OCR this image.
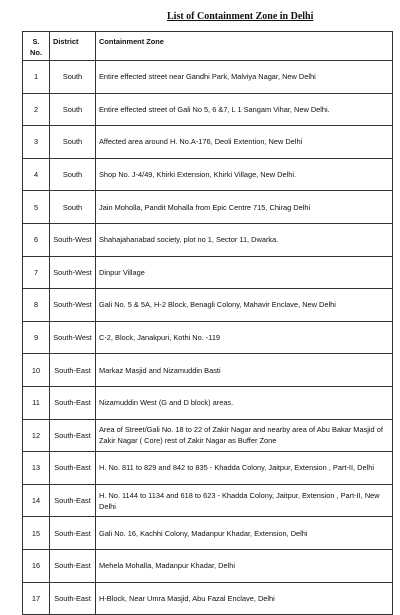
List of Containment Zone in Delhi
S. No.	District	Containment Zone
1	South	Entire effected street near Gandhi Park, Malviya Nagar, New Delhi
2	South	Entire effected street of Gali No 5, 6 &7, L 1 Sangam Vihar, New Delhi.
3	South	Affected area around H. No.A-176, Deoli Extention, New Delhi
4	South	Shop No. J-4/49, Khirki Extension, Khirki Village, New Delhi.
5	South	Jain Moholla, Pandit Mohalla from Epic Centre 715, Chirag Delhi
6	South-West	Shahajahanabad society, plot no 1, Sector 11, Dwarka.
7	South-West	Dinpur Village
8	South-West	Gali No. 5 & 5A, H-2 Block, Benagli Colony, Mahavir Enclave, New Delhi
9	South-West	C-2, Block, Janakpuri, Kothi No. -119
10	South-East	Markaz Masjid and Nizamuddin Basti
11	South-East	Nizamuddin West (G and D block) areas.
12	South-East	Area of Street/Gali No. 18 to 22 of Zakir Nagar and nearby area of Abu Bakar Masjid of Zakir Nagar ( Core) rest of Zakir Nagar as Buffer Zone
13	South-East	H. No. 811 to 829 and 842 to 835 - Khadda Colony, Jaitpur, Extension , Part-II, Delhi
14	South-East	H. No. 1144 to 1134 and 618 to 623 - Khadda Colony, Jaitpur, Extension , Part-II, New Delhi
15	South-East	Gali No. 16, Kachhi Colony, Madanpur Khadar, Extension, Delhi
16	South-East	Mehela Mohalla, Madanpur Khadar, Delhi
17	South-East	H-Block, Near Umra Masjid, Abu Fazal Enclave, Delhi
